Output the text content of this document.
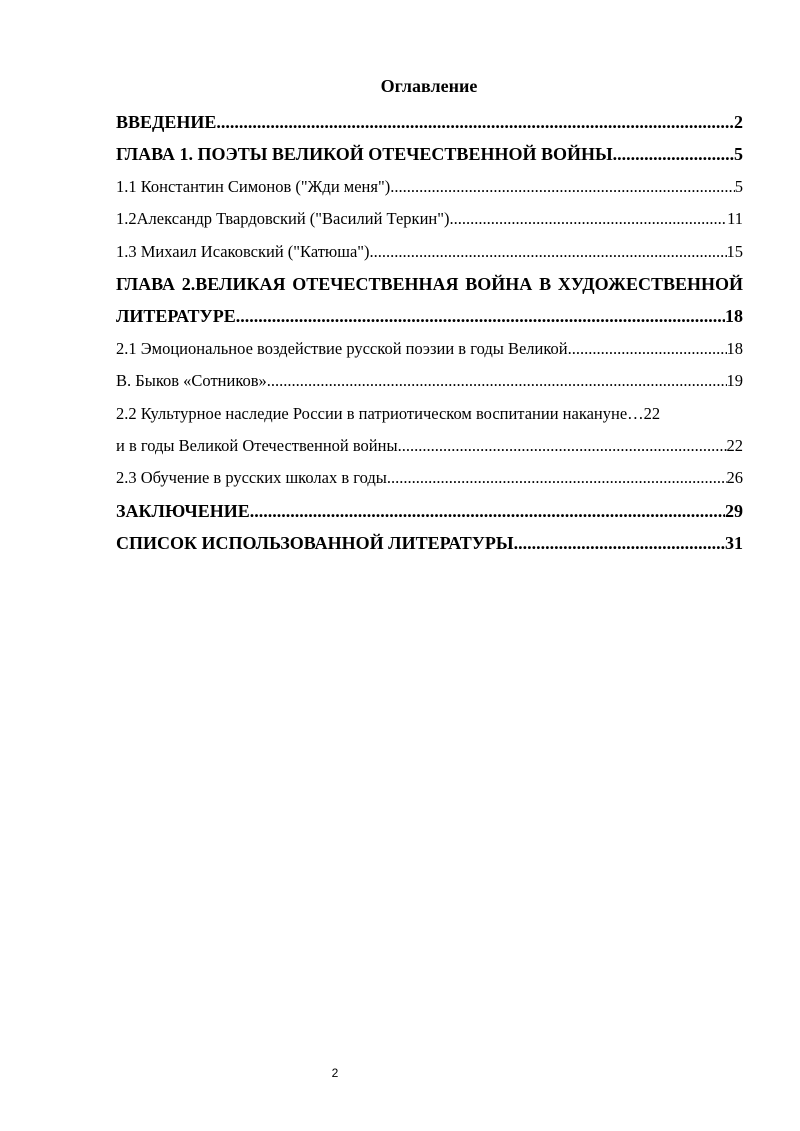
Оглавление
ВВЕДЕНИЕ .....	2
ГЛАВА 1. ПОЭТЫ ВЕЛИКОЙ ОТЕЧЕСТВЕННОЙ ВОЙНЫ .....	5
1.1 Константин Симонов ("Жди меня") .....	5
1.2Александр Твардовский ("Василий Теркин") .....	11
1.3 Михаил Исаковский ("Катюша") .....	15
ГЛАВА 2.ВЕЛИКАЯ ОТЕЧЕСТВЕННАЯ ВОЙНА В ХУДОЖЕСТВЕННОЙ
ЛИТЕРАТУРЕ .....	18
2.1 Эмоциональное воздействие русской поэзии в годы Великой .....	18
В. Быков «Сотников» .....	19
2.2 Культурное наследие России в патриотическом воспитании накануне … 22
и в годы Великой Отечественной войны .....	22
2.3 Обучение в русских школах в годы .....	26
ЗАКЛЮЧЕНИЕ .....	29
СПИСОК ИСПОЛЬЗОВАННОЙ ЛИТЕРАТУРЫ .....	31
2
